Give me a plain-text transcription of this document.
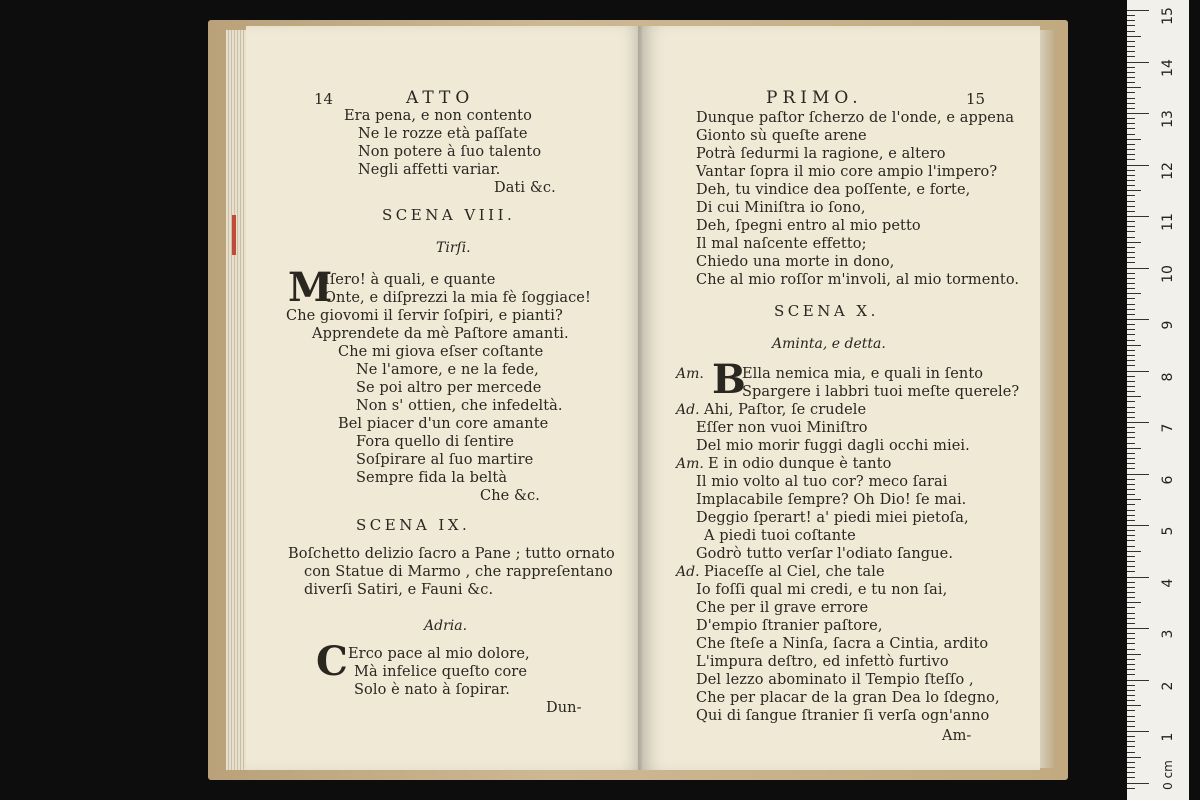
14	ATTO
Era pena, e non contento
Ne le rozze età paſſate
Non potere à ſuo talento
Negli affetti variar.
Dati &c.
SCENA VIII.
Tirſi.
M
Iſero! à quali, e quante
Onte, e diſprezzi la mia fè ſoggiace!
Che giovomi il ſervir ſoſpiri, e pianti?
Apprendete da mè Paſtore amanti.
Che mi giova eſser coſtante
Ne l'amore, e ne la fede,
Se poi altro per mercede
Non s' ottien, che infedeltà.
Bel piacer d'un core amante
Fora quello di ſentire
Soſpirare al ſuo martire
Sempre fida la beltà
Che &c.
SCENA IX.
Boſchetto delizio ſacro a Pane ; tutto ornato
con Statue di Marmo , che rappreſentano
diverſi Satiri, e Fauni &c.
Adria.
C Erco pace al mio dolore,
Mà infelice queſto core
Solo è nato à ſopirar.
Dun-
PRIMO.	15
Dunque paſtor ſcherzo de l'onde, e appena
Gionto sù queſte arene
Potrà ſedurmi la ragione, e altero
Vantar ſopra il mio core ampio l'impero?
Deh, tu vindice dea poſſente, e forte,
Di cui Miniſtra io ſono,
Deh, ſpegni entro al mio petto
Il mal naſcente effetto;
Chiedo una morte in dono,
Che al mio roſſor m'involi, al mio tormento.
SCENA X.
Aminta, e detta.
Am. B
Ella nemica mia, e quali in ſento
Spargere i labbri tuoi meſte querele?
Ad. Ahi, Paſtor, ſe crudele
Eſſer non vuoi Miniſtro
Del mio morir fuggi dagli occhi miei.
Am. E in odio dunque è tanto
Il mio volto al tuo cor? meco ſarai
Implacabile ſempre? Oh Dio! ſe mai.
Deggio ſperart! a' piedi miei pietoſa,
A piedi tuoi coſtante
Godrò tutto verſar l'odiato ſangue.
Ad. Piaceſſe al Ciel, che tale
Io foſſi qual mi credi, e tu non ſai,
Che per il grave errore
D'empio ſtranier paſtore,
Che ſteſe a Ninſa, ſacra a Cintia, ardito
L'impura deſtro, ed infettò furtivo
Del lezzo abominato il Tempio ſteſſo ,
Che per placar de la gran Dea lo ſdegno,
Qui di ſangue ſtranier ſi verſa ogn'anno
Am-
0 cm
15
14
13
12
11
10
9
8
7
6
5
4
3
2
1
